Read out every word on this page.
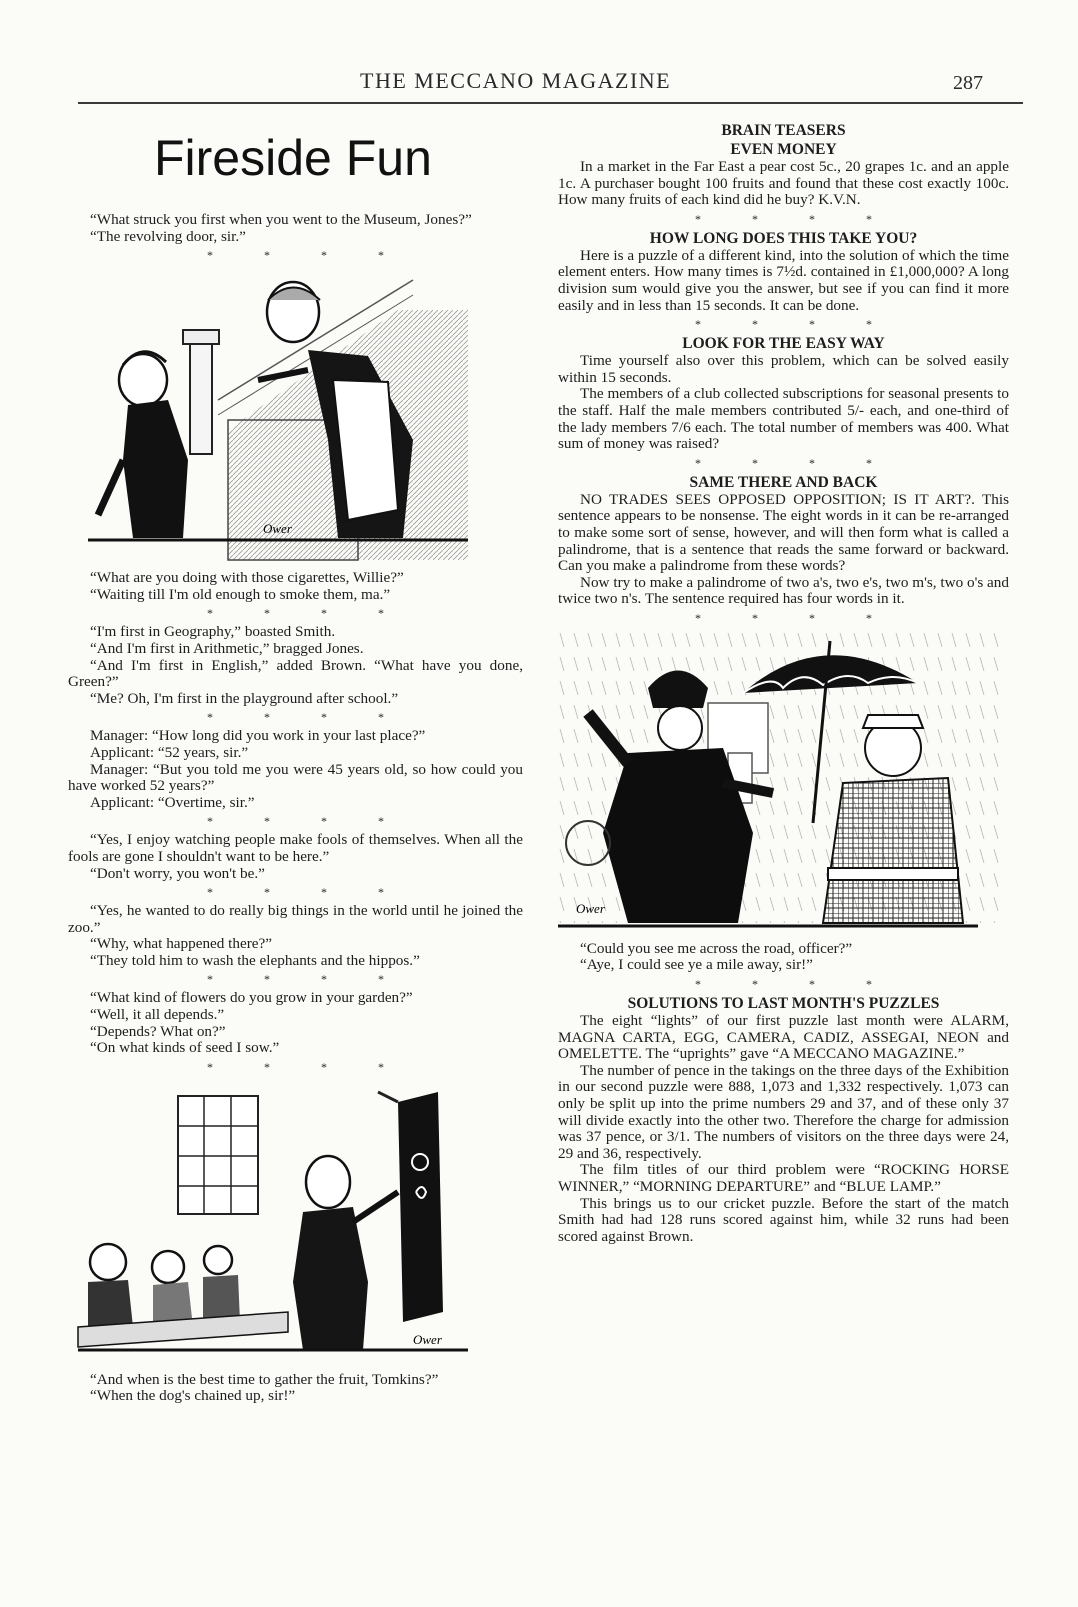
THE MECCANO MAGAZINE	287
Fireside Fun

“What struck you first when you went to the Museum, Jones?”

“The revolving door, sir.”

* * * *
Ower

“What are you doing with those cigarettes, Willie?”

“Waiting till I'm old enough to smoke them, ma.”

* * * *

“I'm first in Geography,” boasted Smith.

“And I'm first in Arithmetic,” bragged Jones.

“And I'm first in English,” added Brown. “What have you done, Green?”

“Me? Oh, I'm first in the playground after school.”

* * * *

Manager: “How long did you work in your last place?”

Applicant: “52 years, sir.”

Manager: “But you told me you were 45 years old, so how could you have worked 52 years?”

Applicant: “Overtime, sir.”

* * * *

“Yes, I enjoy watching people make fools of themselves. When all the fools are gone I shouldn't want to be here.”

“Don't worry, you won't be.”

* * * *

“Yes, he wanted to do really big things in the world until he joined the zoo.”

“Why, what happened there?”

“They told him to wash the elephants and the hippos.”

* * * *

“What kind of flowers do you grow in your garden?”

“Well, it all depends.”

“Depends? What on?”

“On what kinds of seed I sow.”

* * * *
Ower

“And when is the best time to gather the fruit, Tomkins?”

“When the dog's chained up, sir!”

BRAIN TEASERS
EVEN MONEY

In a market in the Far East a pear cost 5c., 20 grapes 1c. and an apple 1c. A purchaser bought 100 fruits and found that these cost exactly 100c. How many fruits of each kind did he buy? K.V.N.

* * * *
HOW LONG DOES THIS TAKE YOU?

Here is a puzzle of a different kind, into the solution of which the time element enters. How many times is 7½d. contained in £1,000,000? A long division sum would give you the answer, but see if you can find it more easily and in less than 15 seconds. It can be done.

* * * *
LOOK FOR THE EASY WAY

Time yourself also over this problem, which can be solved easily within 15 seconds.

The members of a club collected subscriptions for seasonal presents to the staff. Half the male members contributed 5/- each, and one-third of the lady members 7/6 each. The total number of members was 400. What sum of money was raised?

* * * *
SAME THERE AND BACK

NO TRADES SEES OPPOSED OPPOSITION; IS IT ART?. This sentence appears to be nonsense. The eight words in it can be re-arranged to make some sort of sense, however, and will then form what is called a palindrome, that is a sentence that reads the same forward or backward. Can you make a palindrome from these words?

Now try to make a palindrome of two a's, two e's, two m's, two o's and twice two n's. The sentence required has four words in it.

* * * *
Ower

“Could you see me across the road, officer?”

“Aye, I could see ye a mile away, sir!”

* * * *
SOLUTIONS TO LAST MONTH'S PUZZLES

The eight “lights” of our first puzzle last month were ALARM, MAGNA CARTA, EGG, CAMERA, CADIZ, ASSEGAI, NEON and OMELETTE. The “uprights” gave “A MECCANO MAGAZINE.”

The number of pence in the takings on the three days of the Exhibition in our second puzzle were 888, 1,073 and 1,332 respectively. 1,073 can only be split up into the prime numbers 29 and 37, and of these only 37 will divide exactly into the other two. Therefore the charge for admission was 37 pence, or 3/1. The numbers of visitors on the three days were 24, 29 and 36, respectively.

The film titles of our third problem were “ROCKING HORSE WINNER,” “MORNING DEPARTURE” and “BLUE LAMP.”

This brings us to our cricket puzzle. Before the start of the match Smith had had 128 runs scored against him, while 32 runs had been scored against Brown.
